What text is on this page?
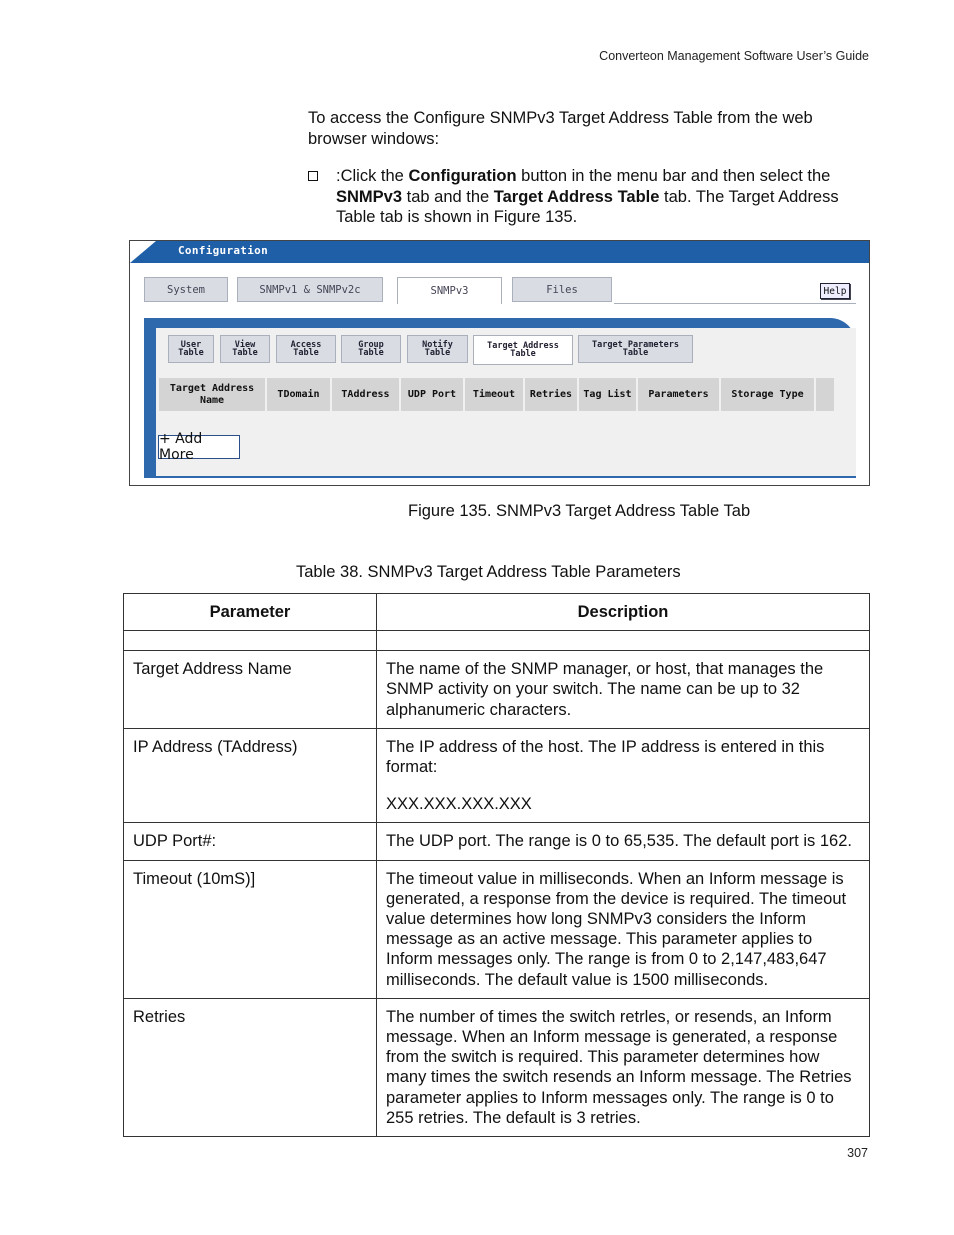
Converteon Management Software User’s Guide
To access the Configure SNMPv3 Target Address Table from the web browser windows:
:Click the Configuration button in the menu bar and then select the SNMPv3 tab and the Target Address Table tab. The Target Address Table tab is shown in Figure 135.
Configuration
System	SNMPv1 & SNMPv2c	SNMPv3	Files	Help
User
Table
View
Table
Access
Table
Group
Table
Notify
Table
Target Address
Table
Target Parameters
Table
Target Address
Name
TDomain	TAddress	UDP Port	Timeout	Retries	Tag List	Parameters	Storage Type
+ Add More
Figure 135. SNMPv3 Target Address Table Tab
Table 38. SNMPv3 Target Address Table Parameters
Parameter	Description

Target Address Name	The name of the SNMP manager, or host, that manages the SNMP activity on your switch. The name can be up to 32 alphanumeric characters.
IP Address (TAddress)	The IP address of the host. The IP address is entered in this format:
XXX.XXX.XXX.XXX

UDP Port#:	The UDP port. The range is 0 to 65,535. The default port is 162.
Timeout (10mS)]	The timeout value in milliseconds. When an Inform message is generated, a response from the device is required. The timeout value determines how long SNMPv3 considers the Inform message as an active message. This parameter applies to Inform messages only. The range is from 0 to 2,147,483,647 milliseconds. The default value is 1500 milliseconds.
Retries	The number of times the switch retrles, or resends, an Inform message. When an Inform message is generated, a response from the switch is required. This parameter determines how many times the switch resends an Inform message. The Retries parameter applies to Inform messages only. The range is 0 to 255 retries. The default is 3 retries.
307
